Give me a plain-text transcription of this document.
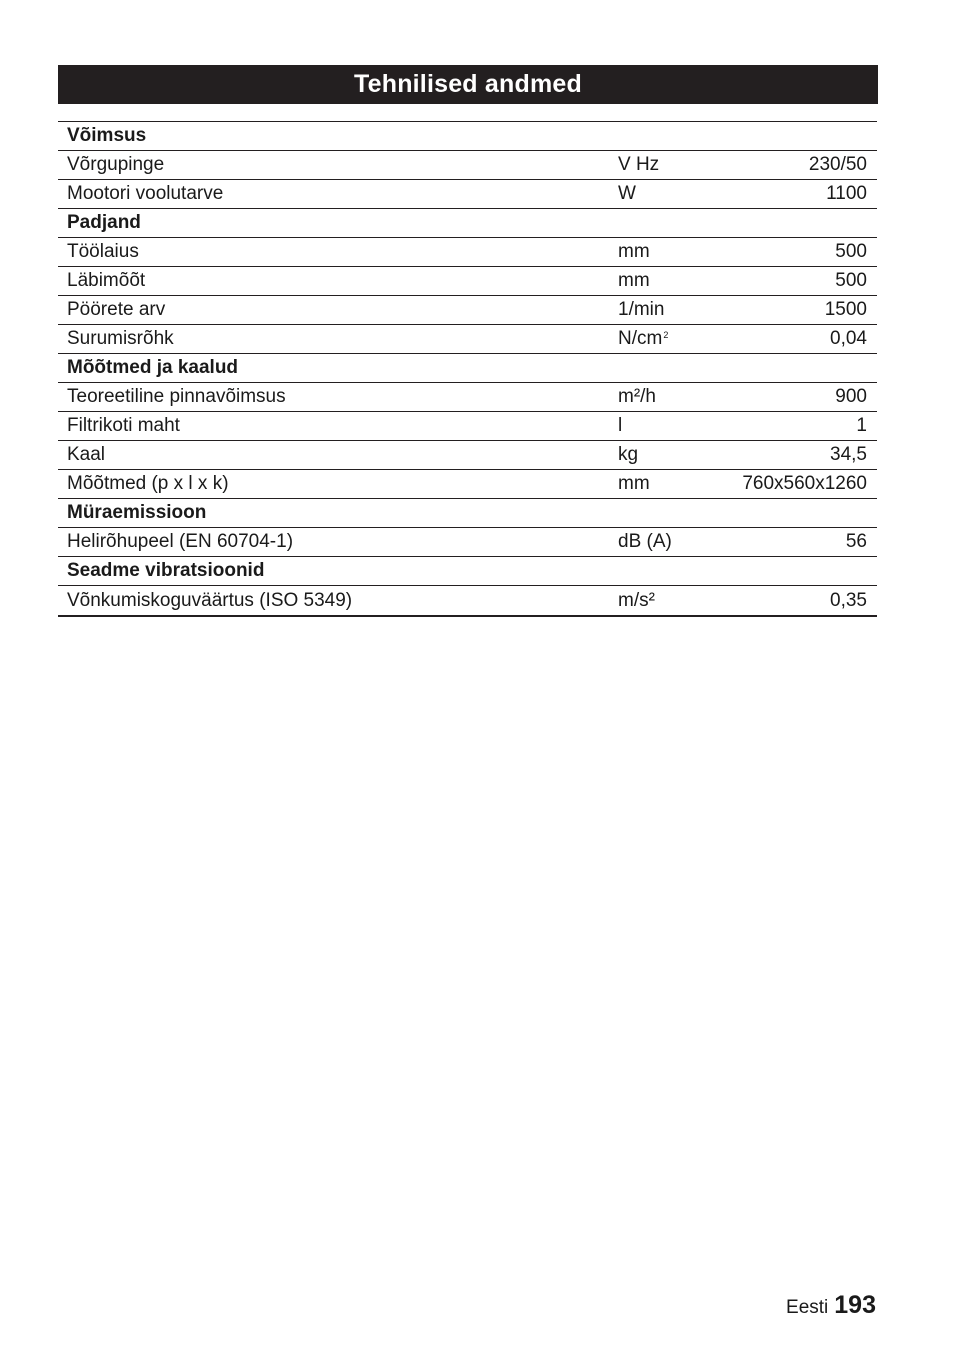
Tehnilised andmed
Võimsus
Võrgupinge	V Hz	230/50
Mootori voolutarve	W	1100
Padjand
Töölaius	mm	500
Läbimõõt	mm	500
Pöörete arv	1/min	1500
Surumisrõhk	$N/cm^2$	0,04
Mõõtmed ja kaalud
Teoreetiline pinnavõimsus	m²/h	900
Filtrikoti maht	l	1
Kaal	kg	34,5
Mõõtmed (p x l x k)	mm	760x560x1260
Müraemissioon
Helirõhupeel (EN 60704-1)	dB (A)	56
Seadme vibratsioonid
Võnkumiskoguväärtus (ISO 5349)	m/s²	0,35
Eesti 193
